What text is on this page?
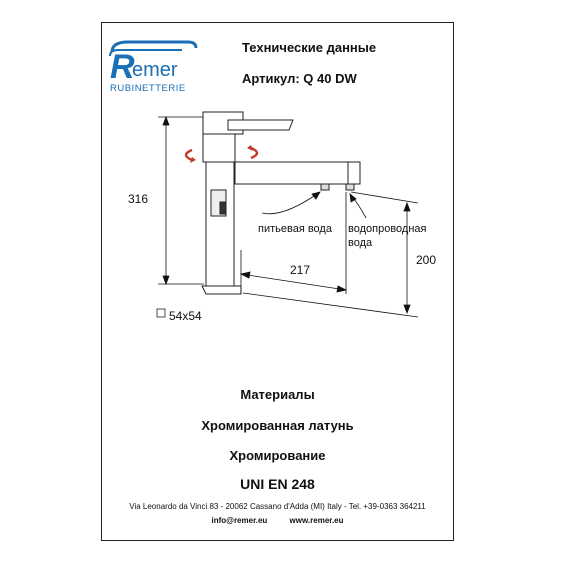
R
emer
RUBINETTERIE
Технические данные
Артикул: Q 40 DW
316
217
200
54x54
питьевая вода водопроводная
вода
Материалы
Хромированная латунь
Хромирование
UNI EN 248
Via Leonardo da Vinci 83 - 20062 Cassano d'Adda (MI) Italy - Tel. +39-0363 364211
info@remer.eu	www.remer.eu
